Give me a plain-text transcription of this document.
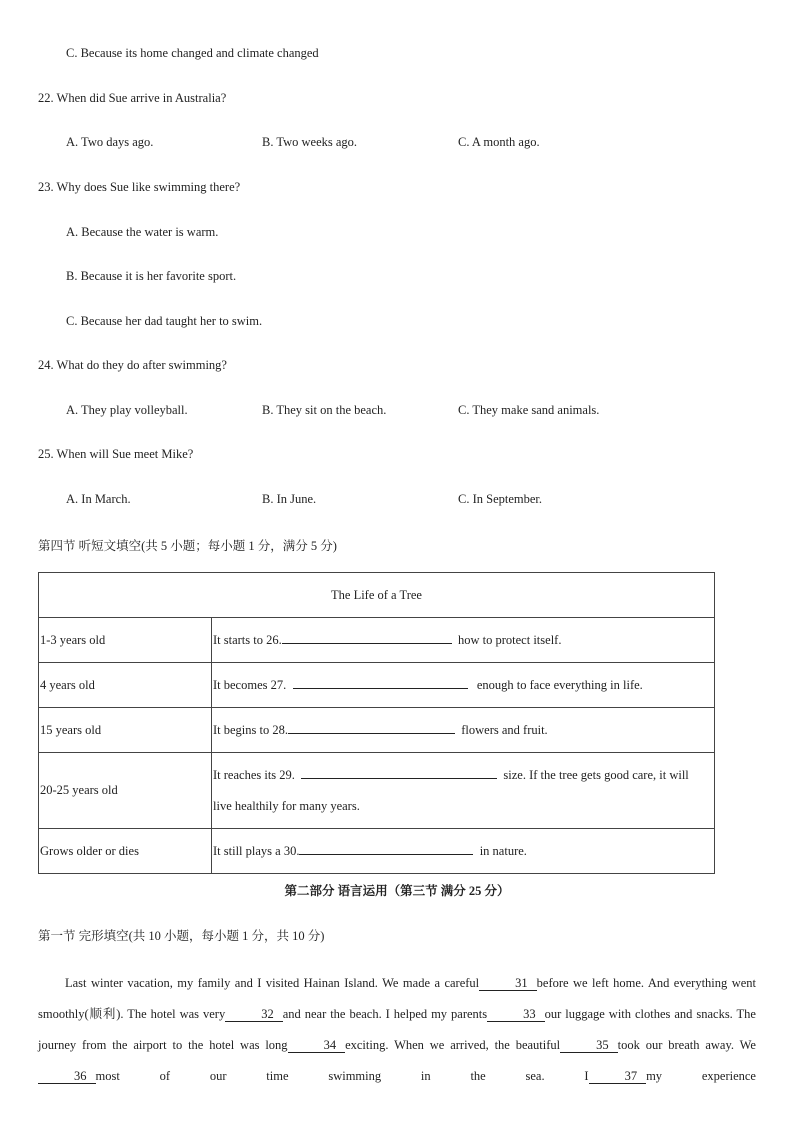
C. Because its home changed and climate changed
22. When did Sue arrive in Australia?
A. Two days ago.	B. Two weeks ago.	C. A month ago.
23. Why does Sue like swimming there?
A. Because the water is warm.
B. Because it is her favorite sport.
C. Because her dad taught her to swim.
24. What do they do after swimming?
A. They play volleyball.	B. They sit on the beach.	C. They make sand animals.
25. When will Sue meet Mike?
A. In March.	B. In June.	C. In September.
第四节 听短文填空(共 5 小题；每小题 1 分，满分 5 分)
The Life of a Tree	
1-3 years old	It starts to 26. how to protect itself.
4 years old	It becomes 27. enough to face everything in life.
15 years old	It begins to 28. flowers and fruit.
20-25 years old	It reaches its 29. size. If the tree gets good care, it will
live healthily for many years.
Grows older or dies	It still plays a 30. in nature.
第二部分 语言运用（第三节 满分 25 分）
第一节 完形填空(共 10 小题，每小题 1 分，共 10 分)

Last winter vacation, my family and I visited Hainan Island. We made a careful	31 before we left home. And everything went smoothly(顺利). The hotel was very	32 and near the beach. I helped my parents	33 our luggage with clothes and snacks. The journey from the airport to the hotel was long	34 exciting. When we arrived, the beautiful	35 took our breath away. We36 most of our time swimming in the sea. I	37 my experience
